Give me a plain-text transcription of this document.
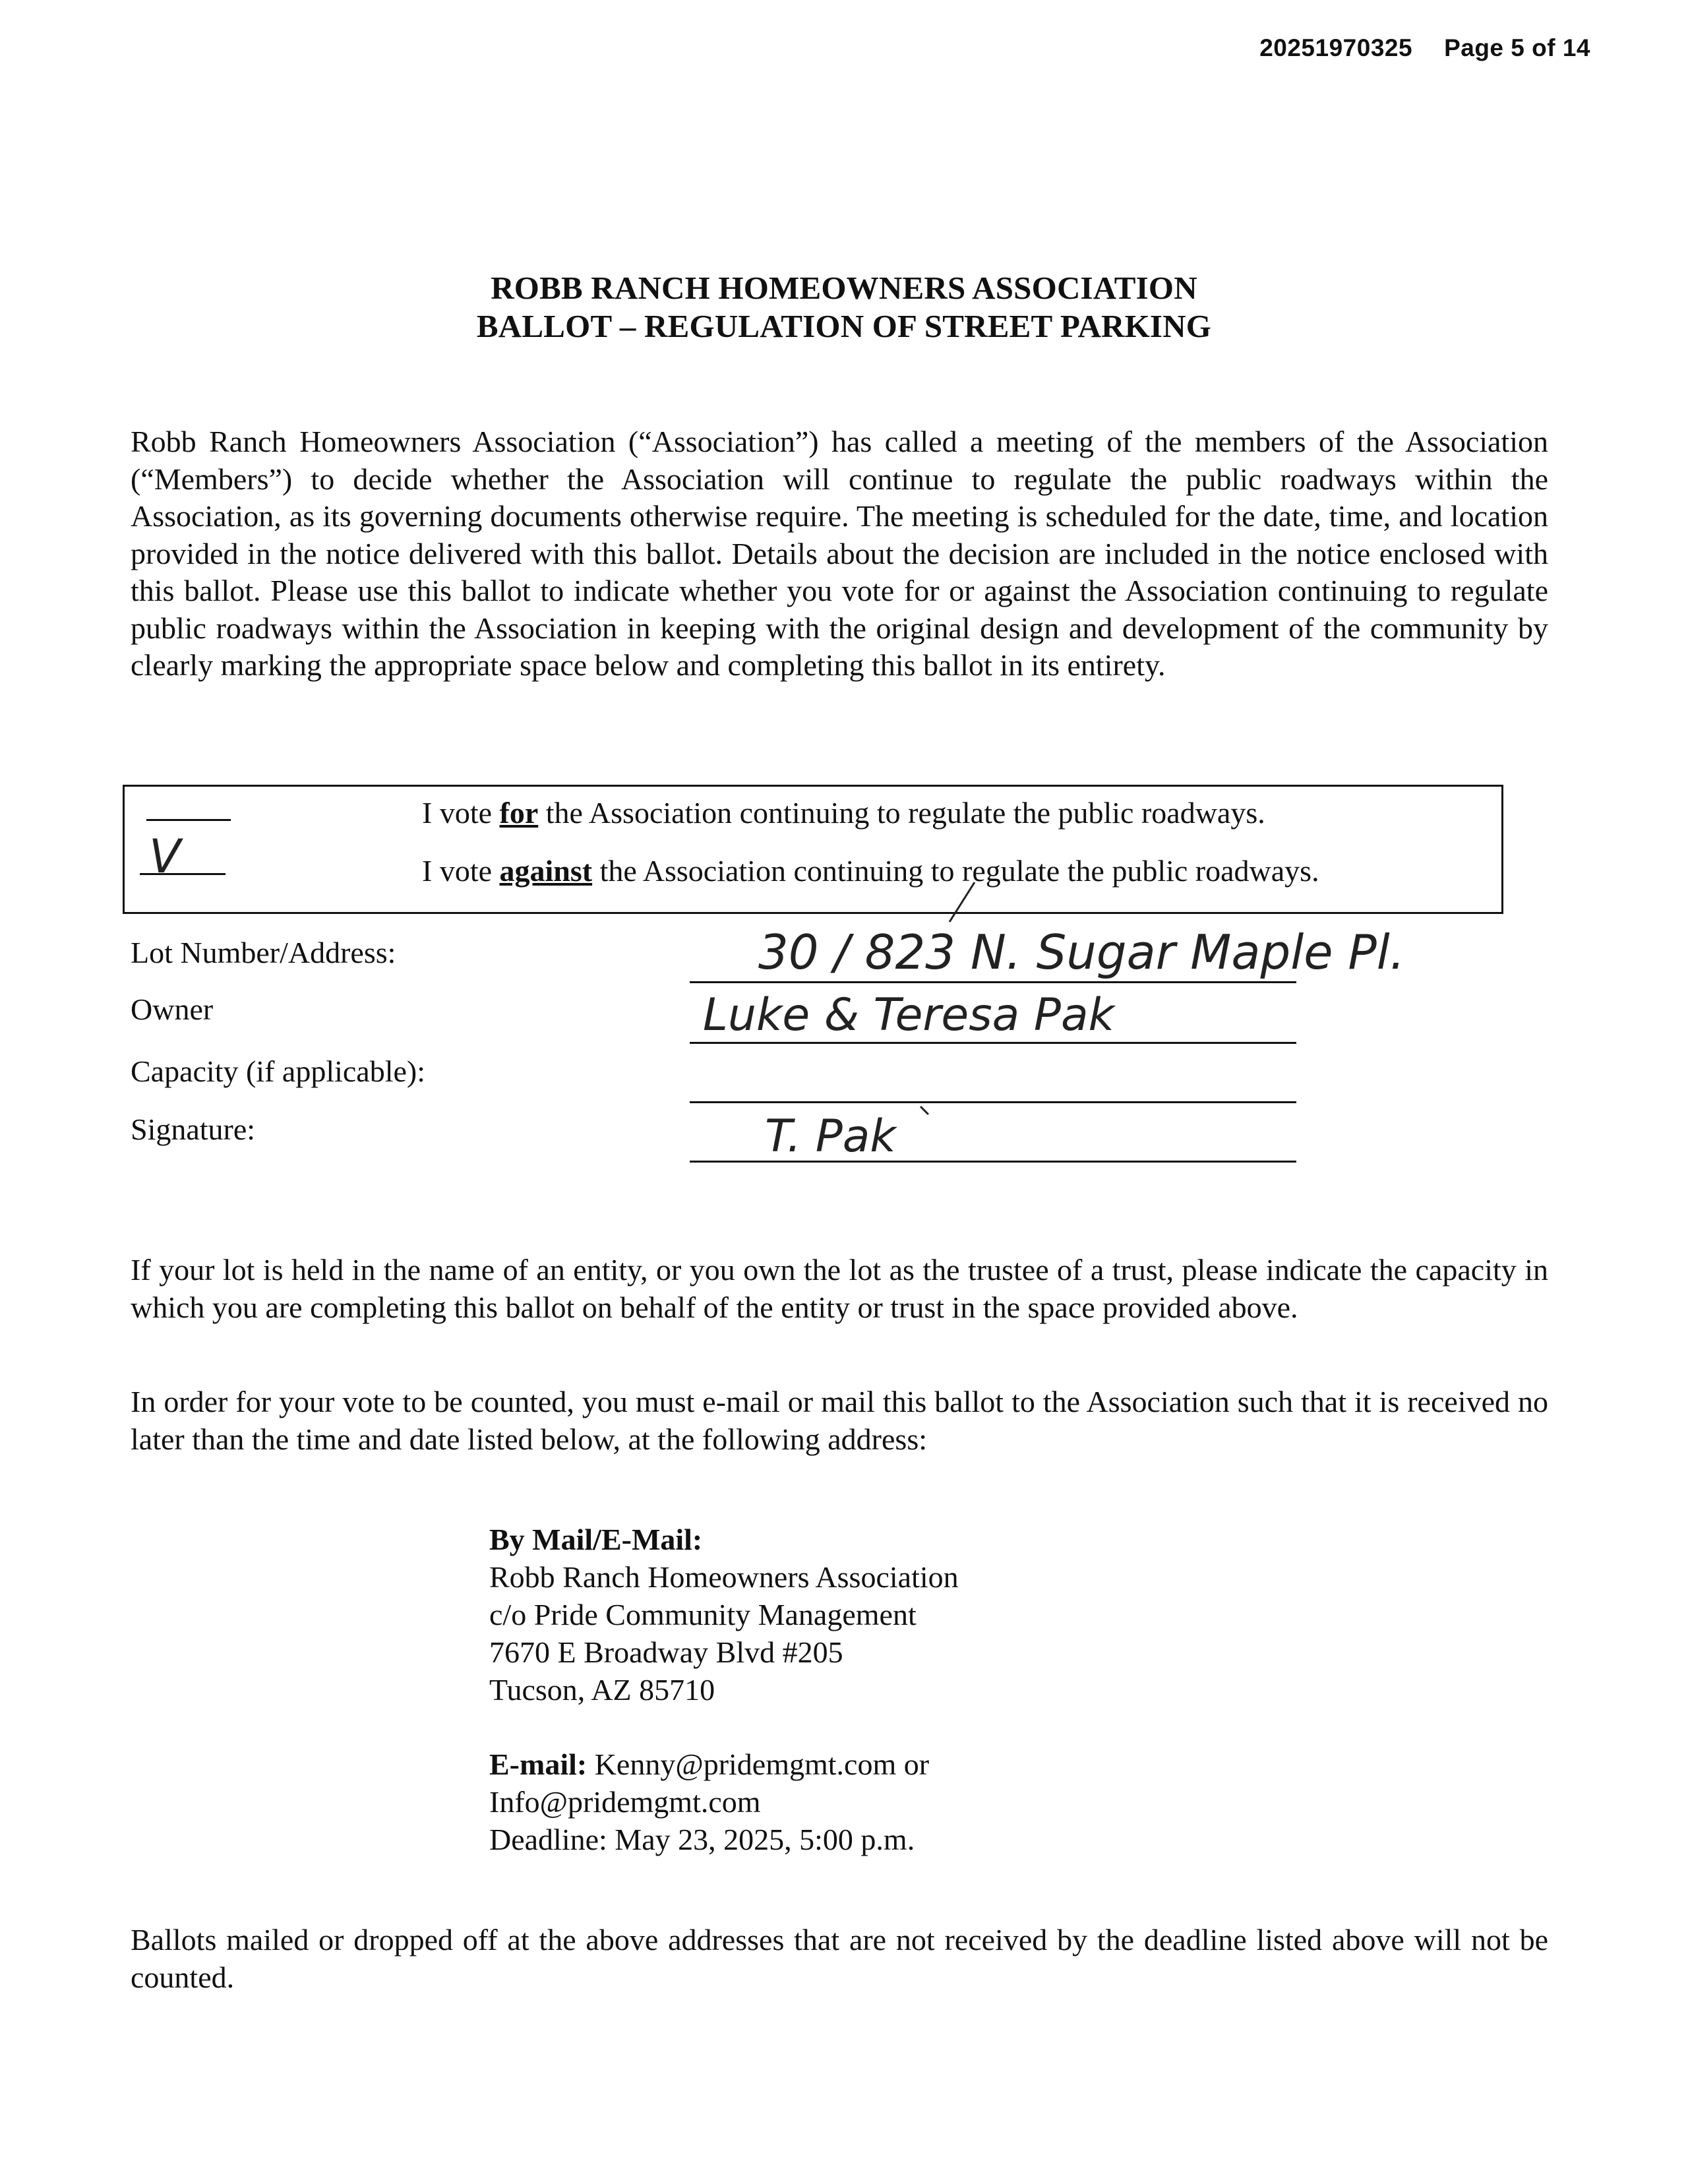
20251970325 Page 5 of 14
ROBB RANCH HOMEOWNERS ASSOCIATION
BALLOT – REGULATION OF STREET PARKING
Robb Ranch Homeowners Association (“Association”) has called a meeting of the members of the Association (“Members”) to decide whether the Association will continue to regulate the public roadways within the Association, as its governing documents otherwise require. The meeting is scheduled for the date, time, and location provided in the notice delivered with this ballot. Details about the decision are included in the notice enclosed with this ballot. Please use this ballot to indicate whether you vote for or against the Association continuing to regulate public roadways within the Association in keeping with the original design and development of the community by clearly marking the appropriate space below and completing this ballot in its entirety.
V
I vote for the Association continuing to regulate the public roadways.
I vote against the Association continuing to regulate the public roadways.
Lot Number/Address:
Owner
Capacity (if applicable):
Signature:
30 / 823 N. Sugar Maple Pl.
Luke & Teresa Pak
T. Pak
If your lot is held in the name of an entity, or you own the lot as the trustee of a trust, please indicate the capacity in which you are completing this ballot on behalf of the entity or trust in the space provided above.
In order for your vote to be counted, you must e-mail or mail this ballot to the Association such that it is received no later than the time and date listed below, at the following address:
By Mail/E-Mail:
Robb Ranch Homeowners Association
c/o Pride Community Management
7670 E Broadway Blvd #205
Tucson, AZ 85710
E-mail: Kenny@pridemgmt.com or
Info@pridemgmt.com
Deadline: May 23, 2025, 5:00 p.m.
Ballots mailed or dropped off at the above addresses that are not received by the deadline listed above will not be counted.
